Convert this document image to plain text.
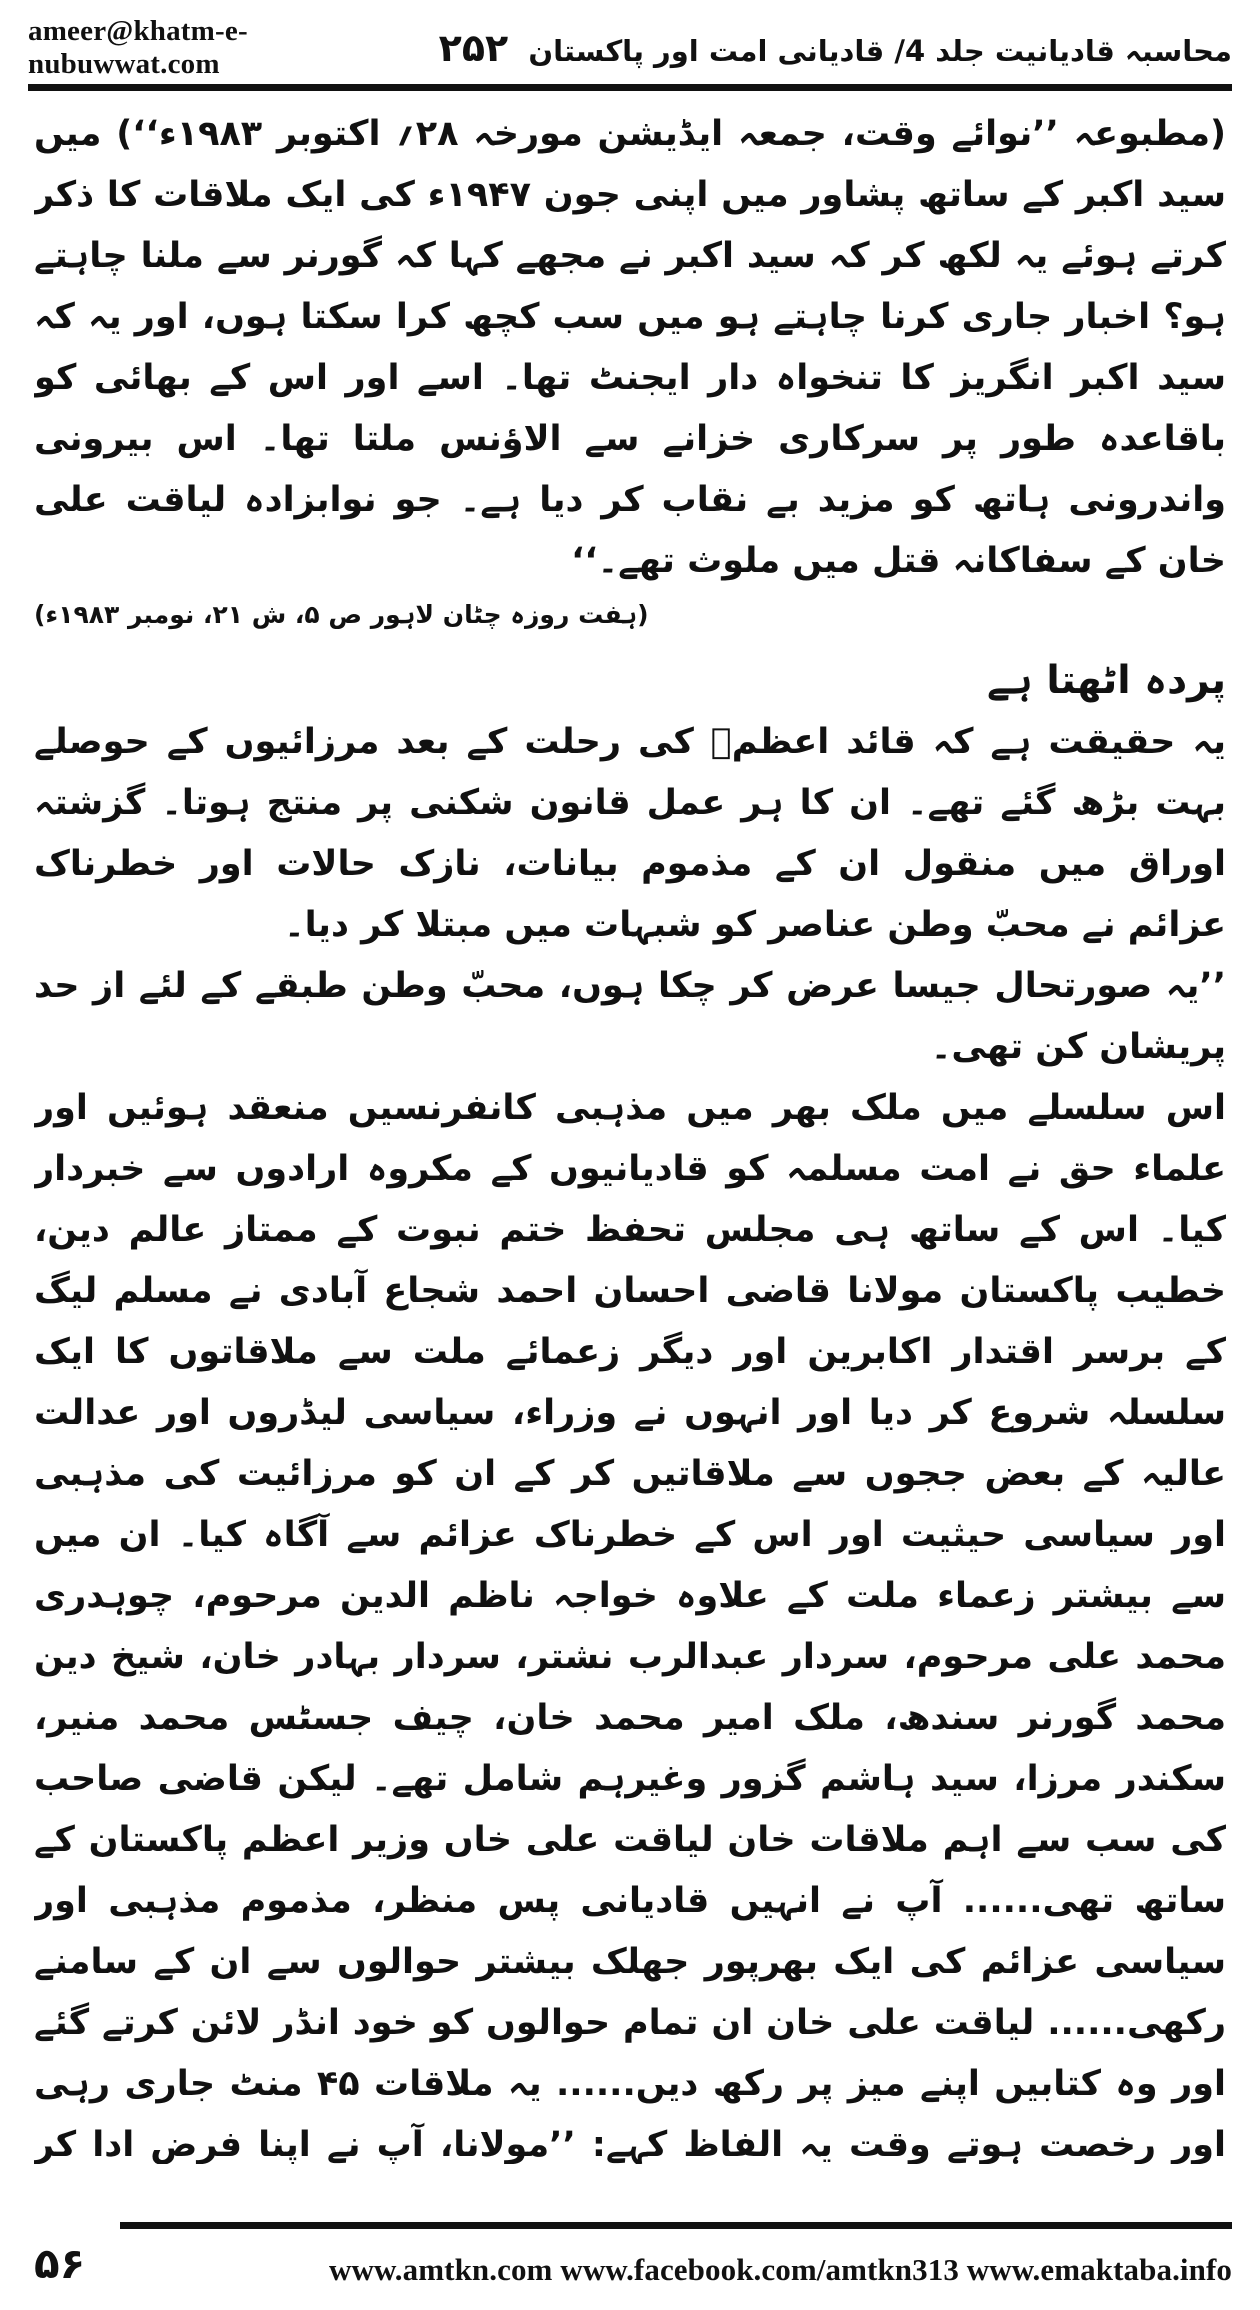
ameer@khatm-e-nubuwwat.com	محاسبہ قادیانیت جلد 4/ قادیانی امت اور پاکستان ۲۵۲

(مطبوعہ ’’نوائے وقت، جمعہ ایڈیشن مورخہ ۲۸؍ اکتوبر ۱۹۸۳ء‘‘) میں سید اکبر کے ساتھ پشاور میں اپنی جون ۱۹۴۷ء کی ایک ملاقات کا ذکر کرتے ہوئے یہ لکھ کر کہ سید اکبر نے مجھے کہا کہ گورنر سے ملنا چاہتے ہو؟ اخبار جاری کرنا چاہتے ہو میں سب کچھ کرا سکتا ہوں، اور یہ کہ سید اکبر انگریز کا تنخواہ دار ایجنٹ تھا۔ اسے اور اس کے بھائی کو باقاعدہ طور پر سرکاری خزانے سے الاؤنس ملتا تھا۔ اس بیرونی واندرونی ہاتھ کو مزید بے نقاب کر دیا ہے۔ جو نوابزادہ لیاقت علی خان کے سفاکانہ قتل میں ملوث تھے۔‘‘

(ہفت روزہ چٹان لاہور ص ۵، ش ۲۱، نومبر ۱۹۸۳ء)

پردہ اٹھتا ہے

یہ حقیقت ہے کہ قائد اعظمؒ کی رحلت کے بعد مرزائیوں کے حوصلے بہت بڑھ گئے تھے۔ ان کا ہر عمل قانون شکنی پر منتج ہوتا۔ گزشتہ اوراق میں منقول ان کے مذموم بیانات، نازک حالات اور خطرناک عزائم نے محبّ وطن عناصر کو شبہات میں مبتلا کر دیا۔

’’یہ صورتحال جیسا عرض کر چکا ہوں، محبّ وطن طبقے کے لئے از حد پریشان کن تھی۔

اس سلسلے میں ملک بھر میں مذہبی کانفرنسیں منعقد ہوئیں اور علماء حق نے امت مسلمہ کو قادیانیوں کے مکروہ ارادوں سے خبردار کیا۔ اس کے ساتھ ہی مجلس تحفظ ختم نبوت کے ممتاز عالم دین، خطیب پاکستان مولانا قاضی احسان احمد شجاع آبادی نے مسلم لیگ کے برسر اقتدار اکابرین اور دیگر زعمائے ملت سے ملاقاتوں کا ایک سلسلہ شروع کر دیا اور انہوں نے وزراء، سیاسی لیڈروں اور عدالت عالیہ کے بعض ججوں سے ملاقاتیں کر کے ان کو مرزائیت کی مذہبی اور سیاسی حیثیت اور اس کے خطرناک عزائم سے آگاہ کیا۔ ان میں سے بیشتر زعماء ملت کے علاوہ خواجہ ناظم الدین مرحوم، چوہدری محمد علی مرحوم، سردار عبدالرب نشتر، سردار بہادر خان، شیخ دین محمد گورنر سندھ، ملک امیر محمد خان، چیف جسٹس محمد منیر، سکندر مرزا، سید ہاشم گزور وغیرہم شامل تھے۔ لیکن قاضی صاحب کی سب سے اہم ملاقات خان لیاقت علی خاں وزیر اعظم پاکستان کے ساتھ تھی...... آپ نے انہیں قادیانی پس منظر، مذموم مذہبی اور سیاسی عزائم کی ایک بھرپور جھلک بیشتر حوالوں سے ان کے سامنے رکھی...... لیاقت علی خان ان تمام حوالوں کو خود انڈر لائن کرتے گئے اور وہ کتابیں اپنے میز پر رکھ دیں...... یہ ملاقات ۴۵ منٹ جاری رہی اور رخصت ہوتے وقت یہ الفاظ کہے: ’’مولانا، آپ نے اپنا فرض ادا کر

۵۶	www.amtkn.com www.facebook.com/amtkn313 www.emaktaba.info
